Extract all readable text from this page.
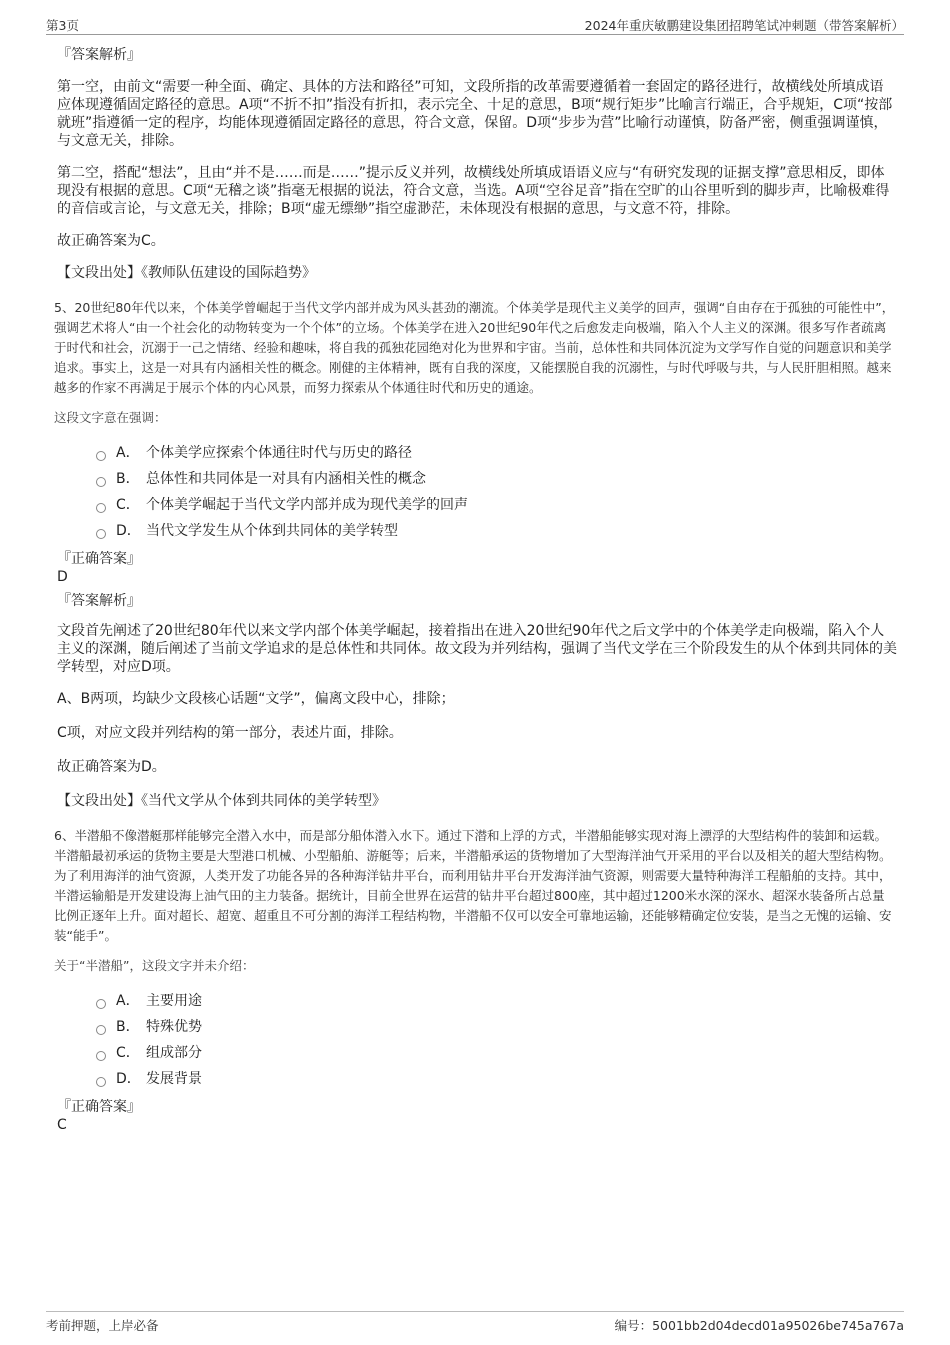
第3页	2024年重庆敏鹏建设集团招聘笔试冲刺题（带答案解析）

『答案解析』

第一空，由前文“需要一种全面、确定、具体的方法和路径”可知，文段所指的改革需要遵循着一套固定的路径进行，故横线处所填成语应体现遵循固定路径的意思。A项“不折不扣”指没有折扣，表示完全、十足的意思，B项“规行矩步”比喻言行端正，合乎规矩，C项“按部就班”指遵循一定的程序，均能体现遵循固定路径的意思，符合文意，保留。D项“步步为营”比喻行动谨慎，防备严密，侧重强调谨慎，与文意无关，排除。

第二空，搭配“想法”，且由“并不是……而是……”提示反义并列，故横线处所填成语语义应与“有研究发现的证据支撑”意思相反，即体现没有根据的意思。C项“无稽之谈”指毫无根据的说法，符合文意，当选。A项“空谷足音”指在空旷的山谷里听到的脚步声，比喻极难得的音信或言论，与文意无关，排除；B项“虚无缥缈”指空虚渺茫，未体现没有根据的意思，与文意不符，排除。

故正确答案为C。

【文段出处】《教师队伍建设的国际趋势》

5、20世纪80年代以来，个体美学曾崛起于当代文学内部并成为风头甚劲的潮流。个体美学是现代主义美学的回声，强调“自由存在于孤独的可能性中”，强调艺术将人“由一个社会化的动物转变为一个个体”的立场。个体美学在进入20世纪90年代之后愈发走向极端，陷入个人主义的深渊。很多写作者疏离于时代和社会，沉溺于一己之情绪、经验和趣味，将自我的孤独花园绝对化为世界和宇宙。当前，总体性和共同体沉淀为文学写作自觉的问题意识和美学追求。事实上，这是一对具有内涵相关性的概念。刚健的主体精神，既有自我的深度，又能摆脱自我的沉溺性，与时代呼吸与共，与人民肝胆相照。越来越多的作家不再满足于展示个体的内心风景，而努力探索从个体通往时代和历史的通途。

这段文字意在强调：

A． 个体美学应探索个体通往时代与历史的路径
B． 总体性和共同体是一对具有内涵相关性的概念
C． 个体美学崛起于当代文学内部并成为现代美学的回声
D． 当代文学发生从个体到共同体的美学转型

『正确答案』

D

『答案解析』

文段首先阐述了20世纪80年代以来文学内部个体美学崛起，接着指出在进入20世纪90年代之后文学中的个体美学走向极端，陷入个人主义的深渊，随后阐述了当前文学追求的是总体性和共同体。故文段为并列结构，强调了当代文学在三个阶段发生的从个体到共同体的美学转型，对应D项。

A、B两项，均缺少文段核心话题“文学”，偏离文段中心，排除；

C项，对应文段并列结构的第一部分，表述片面，排除。

故正确答案为D。

【文段出处】《当代文学从个体到共同体的美学转型》

6、半潜船不像潜艇那样能够完全潜入水中，而是部分船体潜入水下。通过下潜和上浮的方式，半潜船能够实现对海上漂浮的大型结构件的装卸和运载。半潜船最初承运的货物主要是大型港口机械、小型船舶、游艇等；后来，半潜船承运的货物增加了大型海洋油气开采用的平台以及相关的超大型结构物。为了利用海洋的油气资源，人类开发了功能各异的各种海洋钻井平台，而利用钻井平台开发海洋油气资源，则需要大量特种海洋工程船舶的支持。其中，半潜运输船是开发建设海上油气田的主力装备。据统计，目前全世界在运营的钻井平台超过800座，其中超过1200米水深的深水、超深水装备所占总量比例正逐年上升。面对超长、超宽、超重且不可分割的海洋工程结构物，半潜船不仅可以安全可靠地运输，还能够精确定位安装，是当之无愧的运输、安装“能手”。

关于“半潜船”，这段文字并未介绍：

A． 主要用途
B． 特殊优势
C． 组成部分
D． 发展背景

『正确答案』

C

考前押题，上岸必备	编号：5001bb2d04decd01a95026be745a767a
